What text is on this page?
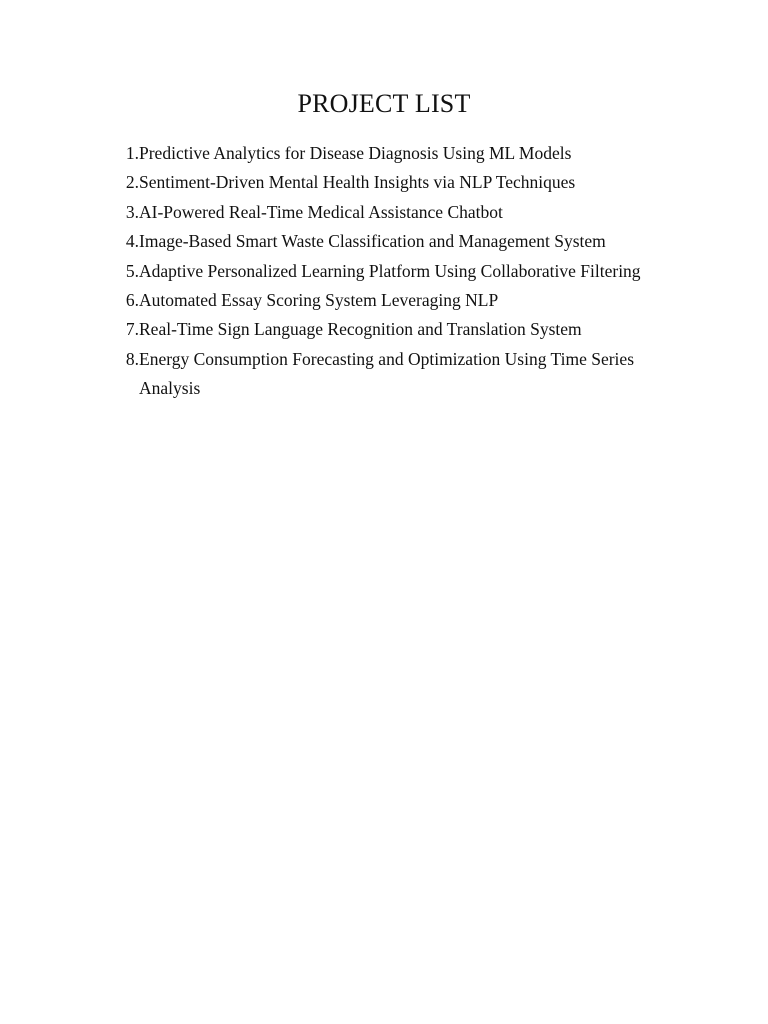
PROJECT LIST
1. Predictive Analytics for Disease Diagnosis Using ML Models
2. Sentiment-Driven Mental Health Insights via NLP Techniques
3. AI-Powered Real-Time Medical Assistance Chatbot
4. Image-Based Smart Waste Classification and Management System
5. Adaptive Personalized Learning Platform Using Collaborative Filtering
6. Automated Essay Scoring System Leveraging NLP
7. Real-Time Sign Language Recognition and Translation System
8. Energy Consumption Forecasting and Optimization Using Time Series Analysis
